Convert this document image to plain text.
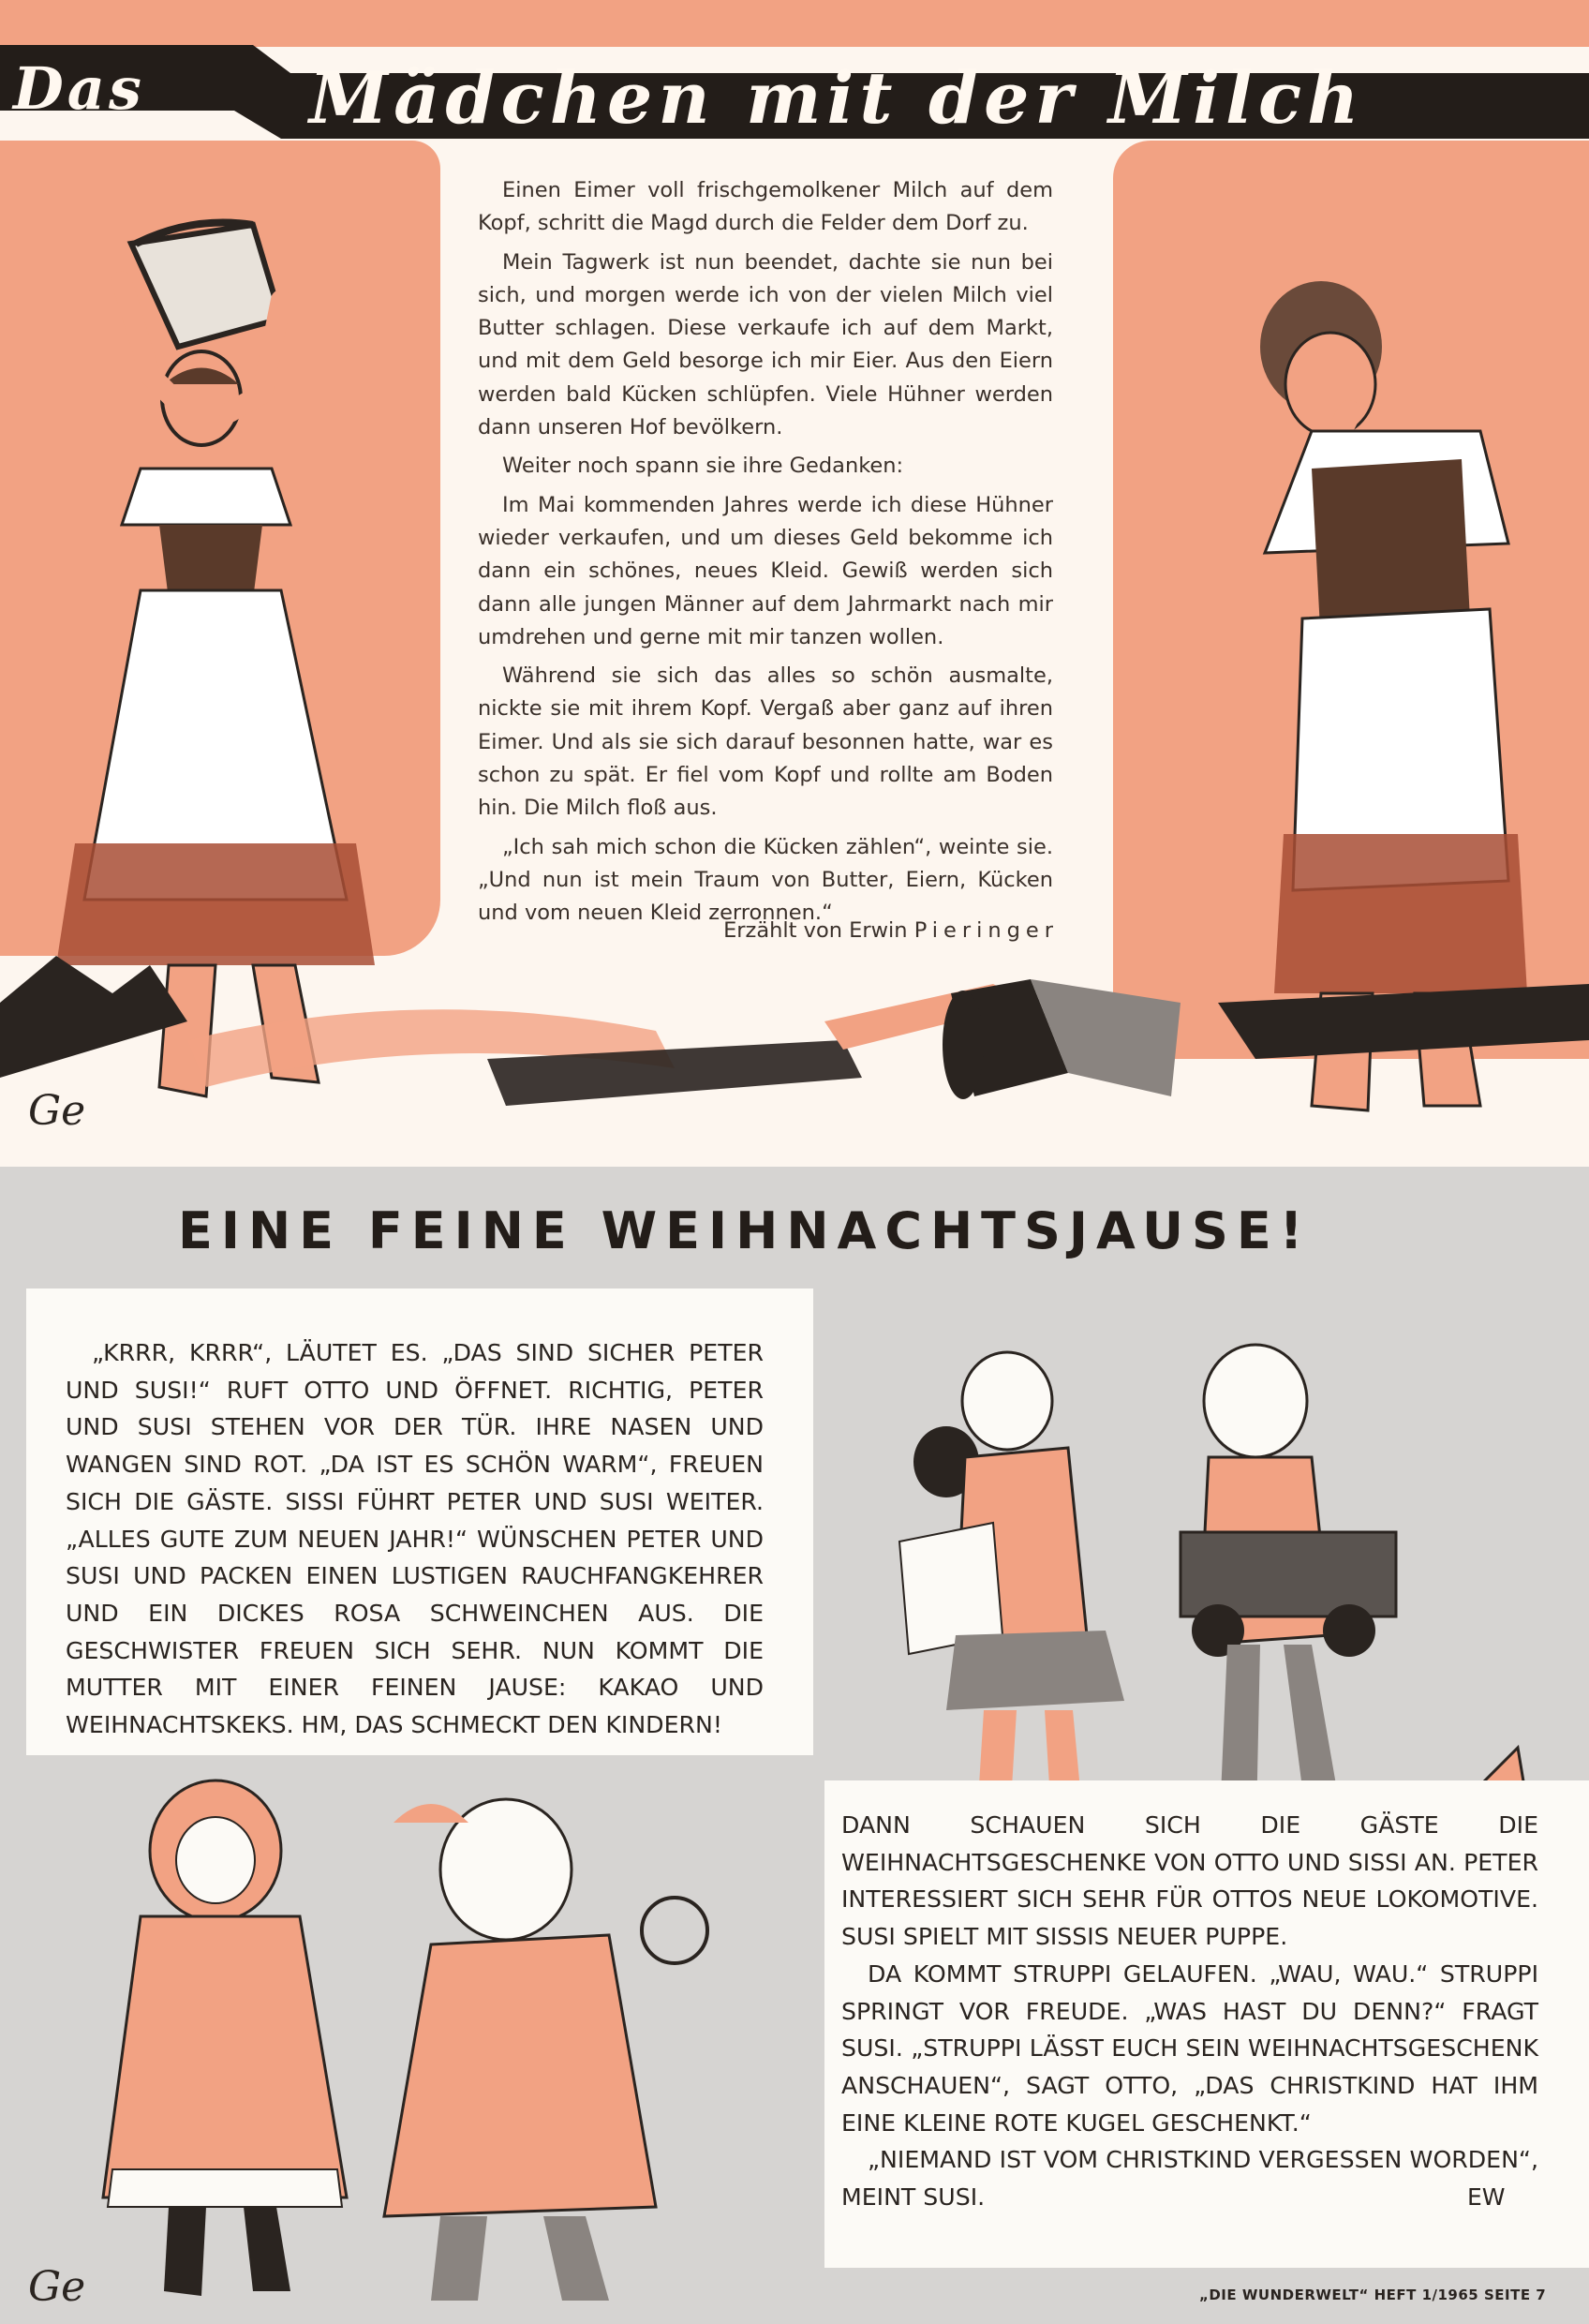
Das Mädchen mit der Milch
Ge

Einen Eimer voll frischgemolkener Milch auf dem Kopf, schritt die Magd durch die Felder dem Dorf zu.

Mein Tagwerk ist nun beendet, dachte sie nun bei sich, und morgen werde ich von der vielen Milch viel Butter schlagen. Diese verkaufe ich auf dem Markt, und mit dem Geld besorge ich mir Eier. Aus den Eiern werden bald Kücken schlüpfen. Viele Hühner werden dann unseren Hof bevölkern.

Weiter noch spann sie ihre Gedanken:

Im Mai kommenden Jahres werde ich diese Hühner wieder verkaufen, und um dieses Geld bekomme ich dann ein schönes, neues Kleid. Gewiß werden sich dann alle jungen Männer auf dem Jahrmarkt nach mir umdrehen und gerne mit mir tanzen wollen.

Während sie sich das alles so schön ausmalte, nickte sie mit ihrem Kopf. Vergaß aber ganz auf ihren Eimer. Und als sie sich darauf besonnen hatte, war es schon zu spät. Er fiel vom Kopf und rollte am Boden hin. Die Milch floß aus.

„Ich sah mich schon die Kücken zählen“, weinte sie. „Und nun ist mein Traum von Butter, Eiern, Kücken und vom neuen Kleid zerronnen.“

Erzählt von Erwin Pieringer
Ge
EINE FEINE WEIHNACHTSJAUSE!

„KRRR, KRRR“, LÄUTET ES. „DAS SIND SICHER PETER UND SUSI!“ RUFT OTTO UND ÖFFNET. RICHTIG, PETER UND SUSI STEHEN VOR DER TÜR. IHRE NASEN UND WANGEN SIND ROT. „DA IST ES SCHÖN WARM“, FREUEN SICH DIE GÄSTE. SISSI FÜHRT PETER UND SUSI WEITER. „ALLES GUTE ZUM NEUEN JAHR!“ WÜNSCHEN PETER UND SUSI UND PACKEN EINEN LUSTIGEN RAUCHFANGKEHRER UND EIN DICKES ROSA SCHWEINCHEN AUS. DIE GESCHWISTER FREUEN SICH SEHR. NUN KOMMT DIE MUTTER MIT EINER FEINEN JAUSE: KAKAO UND WEIHNACHTSKEKS. HM, DAS SCHMECKT DEN KINDERN!

DANN SCHAUEN SICH DIE GÄSTE DIE WEIHNACHTSGESCHENKE VON OTTO UND SISSI AN. PETER INTERESSIERT SICH SEHR FÜR OTTOS NEUE LOKOMOTIVE. SUSI SPIELT MIT SISSIS NEUER PUPPE.

DA KOMMT STRUPPI GELAUFEN. „WAU, WAU.“ STRUPPI SPRINGT VOR FREUDE. „WAS HAST DU DENN?“ FRAGT SUSI. „STRUPPI LÄSST EUCH SEIN WEIHNACHTSGESCHENK ANSCHAUEN“, SAGT OTTO, „DAS CHRISTKIND HAT IHM EINE KLEINE ROTE KUGEL GESCHENKT.“

„NIEMAND IST VOM CHRISTKIND VERGESSEN WORDEN“, MEINT SUSI.	EW
„DIE WUNDERWELT“ HEFT 1/1965 SEITE 7
